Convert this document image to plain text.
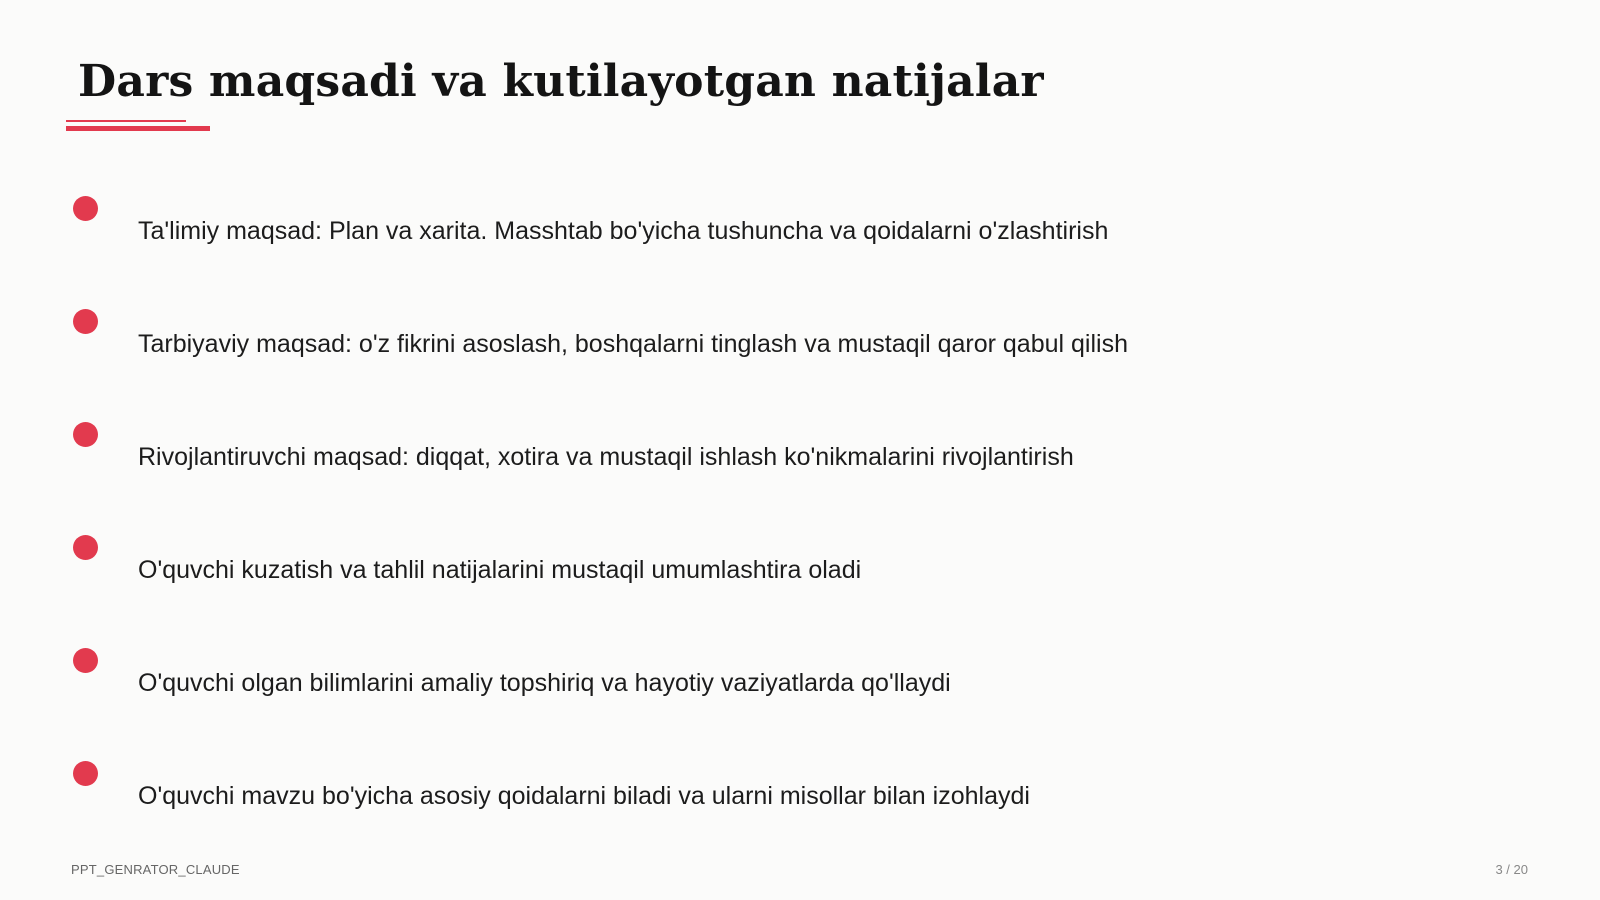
Dars maqsadi va kutilayotgan natijalar
Ta'limiy maqsad: Plan va xarita. Masshtab bo'yicha tushuncha va qoidalarni o'zlashtirish
Tarbiyaviy maqsad: o'z fikrini asoslash, boshqalarni tinglash va mustaqil qaror qabul qilish
Rivojlantiruvchi maqsad: diqqat, xotira va mustaqil ishlash ko'nikmalarini rivojlantirish
O'quvchi kuzatish va tahlil natijalarini mustaqil umumlashtira oladi
O'quvchi olgan bilimlarini amaliy topshiriq va hayotiy vaziyatlarda qo'llaydi
O'quvchi mavzu bo'yicha asosiy qoidalarni biladi va ularni misollar bilan izohlaydi
PPT_GENRATOR_CLAUDE	3 / 20
